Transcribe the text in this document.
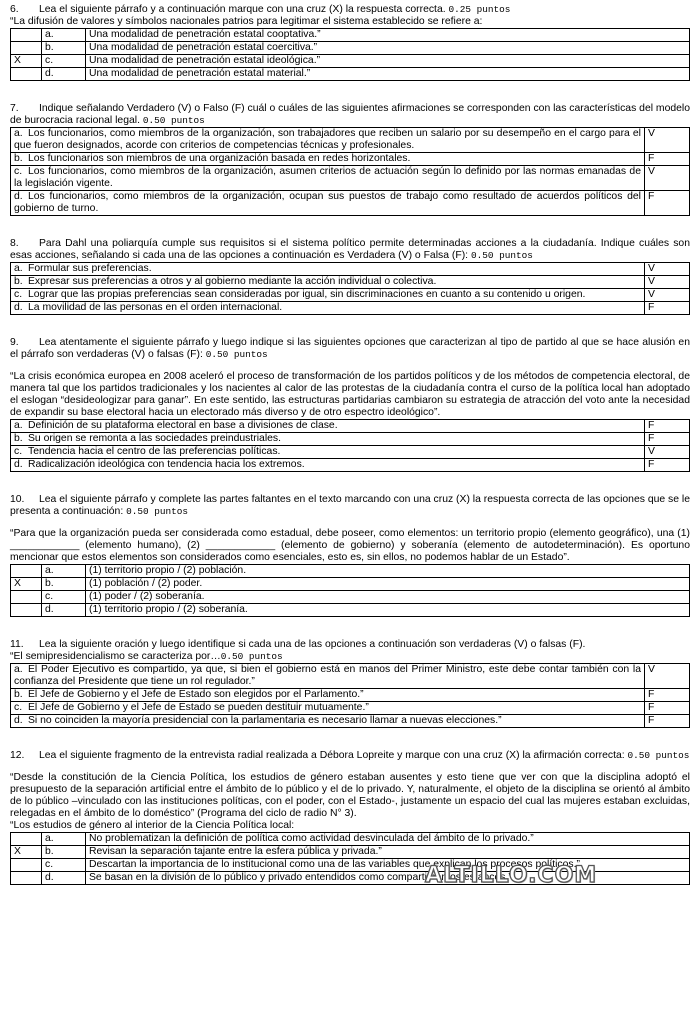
6. Lea el siguiente párrafo y a continuación marque con una cruz (X) la respuesta correcta. 0.25 puntos
“La difusión de valores y símbolos nacionales patrios para legitimar el sistema establecido se refiere a:
	a.	Una modalidad de penetración estatal cooptativa.”
	b.	Una modalidad de penetración estatal coercitiva.”
X	c.	Una modalidad de penetración estatal ideológica.”
	d.	Una modalidad de penetración estatal material.”
7. Indique señalando Verdadero (V) o Falso (F) cuál o cuáles de las siguientes afirmaciones se corresponden con las características del modelo de burocracia racional legal. 0.50 puntos
a. Los funcionarios, como miembros de la organización, son trabajadores que reciben un salario por su desempeño en el cargo para el que fueron designados, acorde con criterios de competencias técnicas y profesionales.	V
b. Los funcionarios son miembros de una organización basada en redes horizontales.	F
c. Los funcionarios, como miembros de la organización, asumen criterios de actuación según lo definido por las normas emanadas de la legislación vigente.	V
d. Los funcionarios, como miembros de la organización, ocupan sus puestos de trabajo como resultado de acuerdos políticos del gobierno de turno.	F
8. Para Dahl una poliarquía cumple sus requisitos si el sistema político permite determinadas acciones a la ciudadanía. Indique cuáles son esas acciones, señalando si cada una de las opciones a continuación es Verdadera (V) o Falsa (F): 0.50 puntos
a. Formular sus preferencias.	V
b. Expresar sus preferencias a otros y al gobierno mediante la acción individual o colectiva.	V
c. Lograr que las propias preferencias sean consideradas por igual, sin discriminaciones en cuanto a su contenido u origen.	V
d. La movilidad de las personas en el orden internacional.	F
9. Lea atentamente el siguiente párrafo y luego indique si las siguientes opciones que caracterizan al tipo de partido al que se hace alusión en el párrafo son verdaderas (V) o falsas (F): 0.50 puntos
“La crisis económica europea en 2008 aceleró el proceso de transformación de los partidos políticos y de los métodos de competencia electoral, de manera tal que los partidos tradicionales y los nacientes al calor de las protestas de la ciudadanía contra el curso de la política local han adoptado el eslogan “desideologizar para ganar”. En este sentido, las estructuras partidarias cambiaron su estrategia de atracción del voto ante la necesidad de expandir su base electoral hacia un electorado más diverso y de otro espectro ideológico”.
a. Definición de su plataforma electoral en base a divisiones de clase.	F
b. Su origen se remonta a las sociedades preindustriales.	F
c. Tendencia hacia el centro de las preferencias políticas.	V
d. Radicalización ideológica con tendencia hacia los extremos.	F
10. Lea el siguiente párrafo y complete las partes faltantes en el texto marcando con una cruz (X) la respuesta correcta de las opciones que se le presenta a continuación: 0.50 puntos
“Para que la organización pueda ser considerada como estadual, debe poseer, como elementos: un territorio propio (elemento geográfico), una (1) ____________ (elemento humano), (2) ____________ (elemento de gobierno) y soberanía (elemento de autodeterminación). Es oportuno mencionar que estos elementos son considerados como esenciales, esto es, sin ellos, no podemos hablar de un Estado”.
	a.	(1) territorio propio / (2) población.
X	b.	(1) población / (2) poder.
	c.	(1) poder / (2) soberanía.
	d.	(1) territorio propio / (2) soberanía.
11. Lea la siguiente oración y luego identifique si cada una de las opciones a continuación son verdaderas (V) o falsas (F).
“El semipresidencialismo se caracteriza por…0.50 puntos
a. El Poder Ejecutivo es compartido, ya que, si bien el gobierno está en manos del Primer Ministro, este debe contar también con la confianza del Presidente que tiene un rol regulador.”	V
b. El Jefe de Gobierno y el Jefe de Estado son elegidos por el Parlamento.”	F
c. El Jefe de Gobierno y el Jefe de Estado se pueden destituir mutuamente.”	F
d. Si no coinciden la mayoría presidencial con la parlamentaria es necesario llamar a nuevas elecciones.”	F
12. Lea el siguiente fragmento de la entrevista radial realizada a Débora Lopreite y marque con una cruz (X) la afirmación correcta: 0.50 puntos
“Desde la constitución de la Ciencia Política, los estudios de género estaban ausentes y esto tiene que ver con que la disciplina adoptó el presupuesto de la separación artificial entre el ámbito de lo público y el de lo privado. Y, naturalmente, el objeto de la disciplina se orientó al ámbito de lo público –vinculado con las instituciones políticas, con el poder, con el Estado-, justamente un espacio del cual las mujeres estaban excluidas, relegadas en el ámbito de lo doméstico” (Programa del ciclo de radio N° 3).
“Los estudios de género al interior de la Ciencia Política local:
	a.	No problematizan la definición de política como actividad desvinculada del ámbito de lo privado.”
X	b.	Revisan la separación tajante entre la esfera pública y privada.”
	c.	Descartan la importancia de lo institucional como una de las variables que explican los procesos políticos.”
	d.	Se basan en la división de lo público y privado entendidos como compartimentos estancos.”
ALTILLO.COM
